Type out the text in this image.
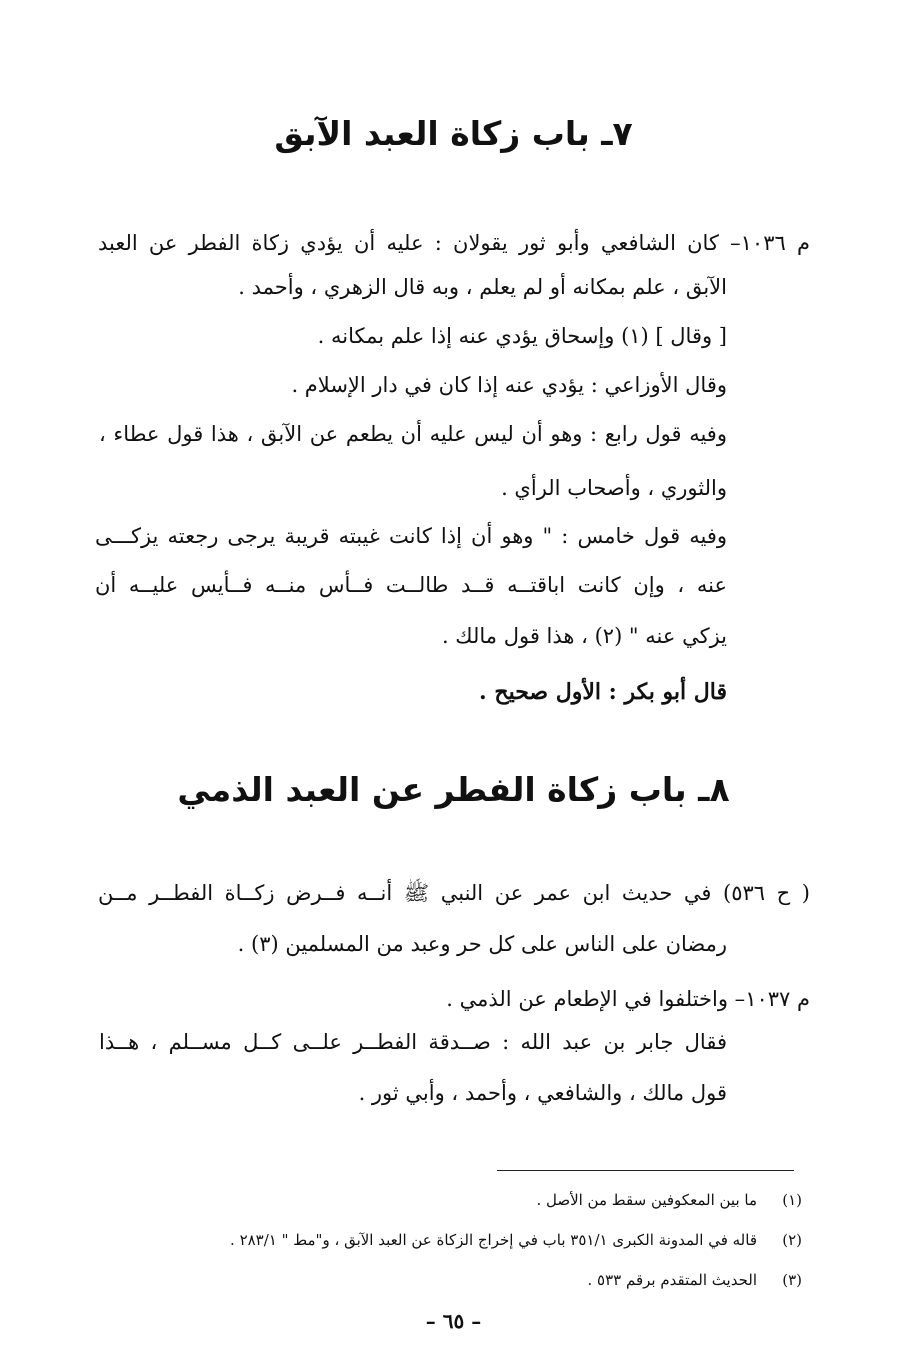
٧ـ باب زكاة العبد الآبق
م ١٠٣٦– كان الشافعي وأبو ثور يقولان : عليه أن يؤدي زكاة الفطر عن العبد
الآبق ، علم بمكانه أو لم يعلم ، وبه قال الزهري ، وأحمد .
[ وقال ] (١) وإسحاق يؤدي عنه إذا علم بمكانه .
وقال الأوزاعي : يؤدي عنه إذا كان في دار الإسلام .
وفيه قول رابع : وهو أن ليس عليه أن يطعم عن الآبق ، هذا قول عطاء ،
والثوري ، وأصحاب الرأي .
وفيه قول خامس : " وهو أن إذا كانت غيبته قريبة يرجى رجعته يزكـــى
عنه ، وإن كانت اباقتــه قــد طالــت فــأس منــه فــأيس عليــه أن
يزكي عنه " (٢) ، هذا قول مالك .
قال أبو بكر : الأول صحيح .
٨ـ باب زكاة الفطر عن العبد الذمي
( ح ٥٣٦) في حديث ابن عمر عن النبي ﷺ أنــه فــرض زكــاة الفطــر مــن
رمضان على الناس على كل حر وعبد من المسلمين (٣) .
م ١٠٣٧– واختلفوا في الإطعام عن الذمي .
فقال جابر بن عبد الله : صــدقة الفطــر علــى كــل مســلم ، هــذا
قول مالك ، والشافعي ، وأحمد ، وأبي ثور .
(١)
ما بين المعكوفين سقط من الأصل .
(٢)
قاله في المدونة الكبرى ٣٥١/١ باب في إخراج الزكاة عن العبد الآبق ، و"مط " ٢٨٣/١ .
(٣)
الحديث المتقدم برقم ٥٣٣ .
– ٦٥ –
